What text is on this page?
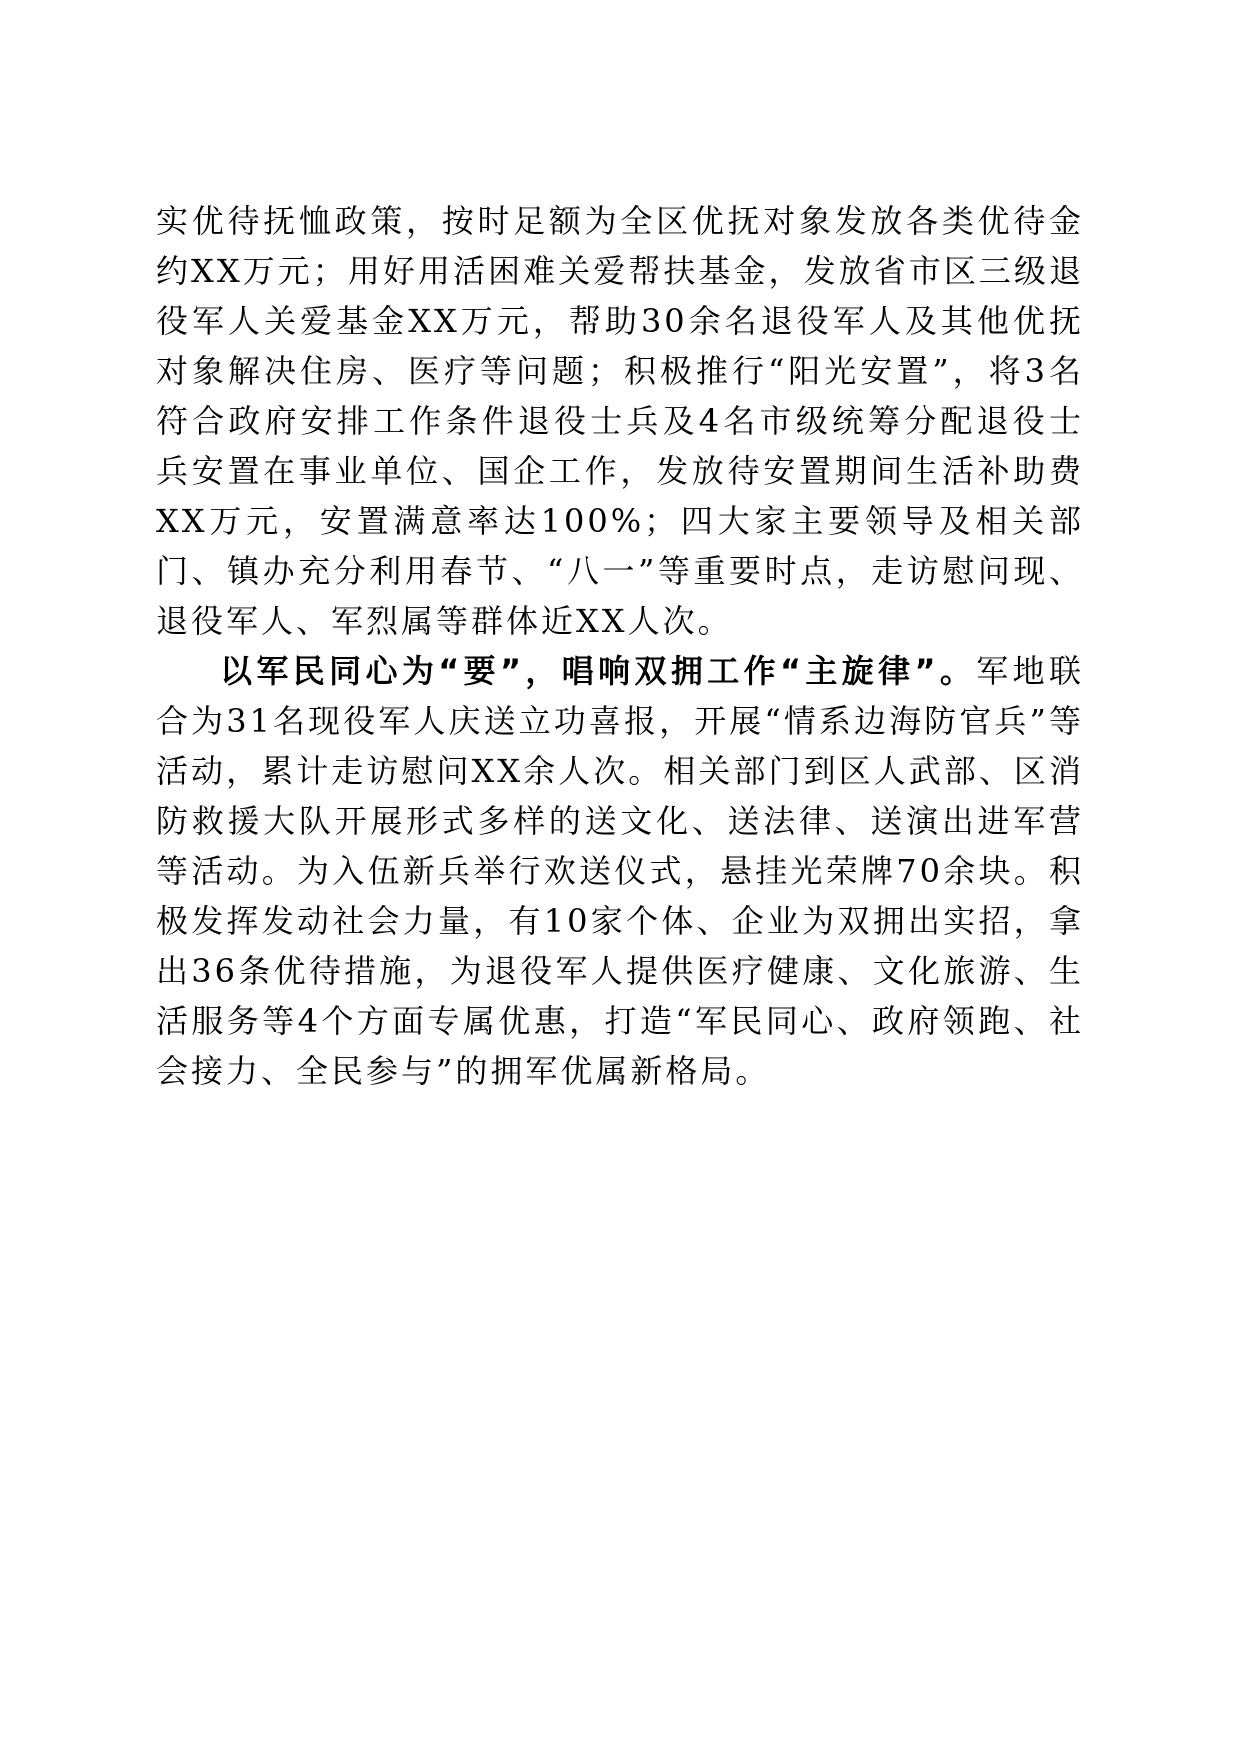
实优待抚恤政策，按时足额为全区优抚对象发放各类优待金约XX万元；用好用活困难关爱帮扶基金，发放省市区三级退役军人关爱基金XX万元，帮助30余名退役军人及其他优抚对象解决住房、医疗等问题；积极推行“阳光安置”，将3名符合政府安排工作条件退役士兵及4名市级统筹分配退役士兵安置在事业单位、国企工作，发放待安置期间生活补助费XX万元，安置满意率达100%；四大家主要领导及相关部门、镇办充分利用春节、“八一”等重要时点，走访慰问现、退役军人、军烈属等群体近XX人次。

以军民同心为“要”，唱响双拥工作“主旋律”。军地联合为31名现役军人庆送立功喜报，开展“情系边海防官兵”等活动，累计走访慰问XX余人次。相关部门到区人武部、区消防救援大队开展形式多样的送文化、送法律、送演出进军营等活动。为入伍新兵举行欢送仪式，悬挂光荣牌70余块。积极发挥发动社会力量，有10家个体、企业为双拥出实招，拿出36条优待措施，为退役军人提供医疗健康、文化旅游、生活服务等4个方面专属优惠，打造“军民同心、政府领跑、社会接力、全民参与”的拥军优属新格局。
